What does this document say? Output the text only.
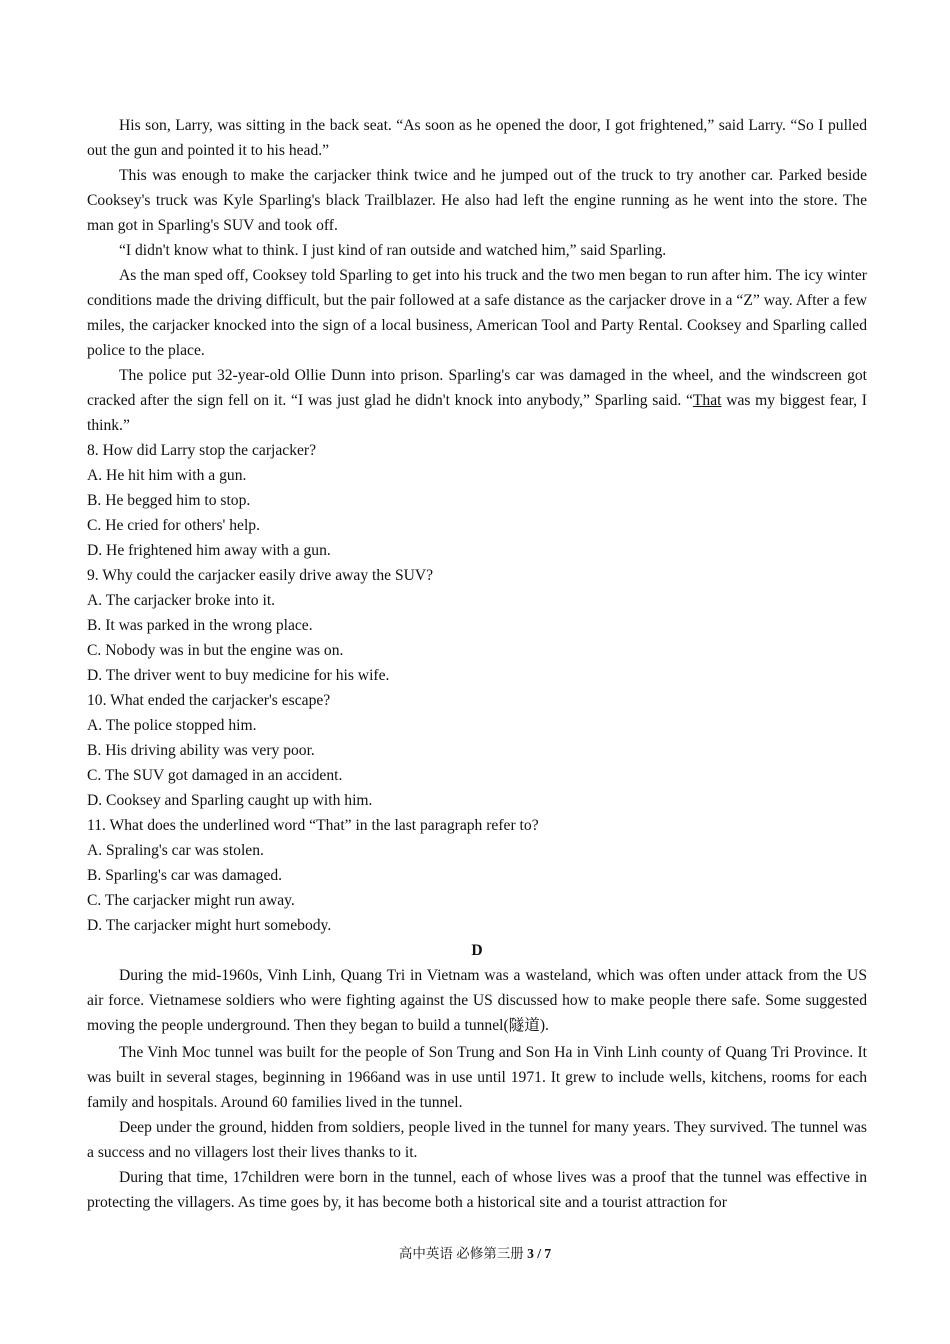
His son, Larry, was sitting in the back seat. “As soon as he opened the door, I got frightened,” said Larry. “So I pulled out the gun and pointed it to his head.”

This was enough to make the carjacker think twice and he jumped out of the truck to try another car. Parked beside Cooksey's truck was Kyle Sparling's black Trailblazer. He also had left the engine running as he went into the store. The man got in Sparling's SUV and took off.

“I didn't know what to think. I just kind of ran outside and watched him,” said Sparling.

As the man sped off, Cooksey told Sparling to get into his truck and the two men began to run after him. The icy winter conditions made the driving difficult, but the pair followed at a safe distance as the carjacker drove in a “Z” way. After a few miles, the carjacker knocked into the sign of a local business, American Tool and Party Rental. Cooksey and Sparling called police to the place.

The police put 32-year-old Ollie Dunn into prison. Sparling's car was damaged in the wheel, and the windscreen got cracked after the sign fell on it. “I was just glad he didn't knock into anybody,” Sparling said. “That was my biggest fear, I think.”

8. How did Larry stop the carjacker?

A. He hit him with a gun.

B. He begged him to stop.

C. He cried for others' help.

D. He frightened him away with a gun.

9. Why could the carjacker easily drive away the SUV?

A. The carjacker broke into it.

B. It was parked in the wrong place.

C. Nobody was in but the engine was on.

D. The driver went to buy medicine for his wife.

10. What ended the carjacker's escape?

A. The police stopped him.

B. His driving ability was very poor.

C. The SUV got damaged in an accident.

D. Cooksey and Sparling caught up with him.

11. What does the underlined word “That” in the last paragraph refer to?

A. Spraling's car was stolen.

B. Sparling's car was damaged.

C. The carjacker might run away.

D. The carjacker might hurt somebody.

D

During the mid-1960s, Vinh Linh, Quang Tri in Vietnam was a wasteland, which was often under attack from the US air force. Vietnamese soldiers who were fighting against the US discussed how to make people there safe. Some suggested moving the people underground. Then they began to build a tunnel(隧道).

The Vinh Moc tunnel was built for the people of Son Trung and Son Ha in Vinh Linh county of Quang Tri Province. It was built in several stages, beginning in 1966and was in use until 1971. It grew to include wells, kitchens, rooms for each family and hospitals. Around 60 families lived in the tunnel.

Deep under the ground, hidden from soldiers, people lived in the tunnel for many years. They survived. The tunnel was a success and no villagers lost their lives thanks to it.

During that time, 17children were born in the tunnel, each of whose lives was a proof that the tunnel was effective in protecting the villagers. As time goes by, it has become both a historical site and a tourist attraction for

高中英语 必修第三册 3 / 7
